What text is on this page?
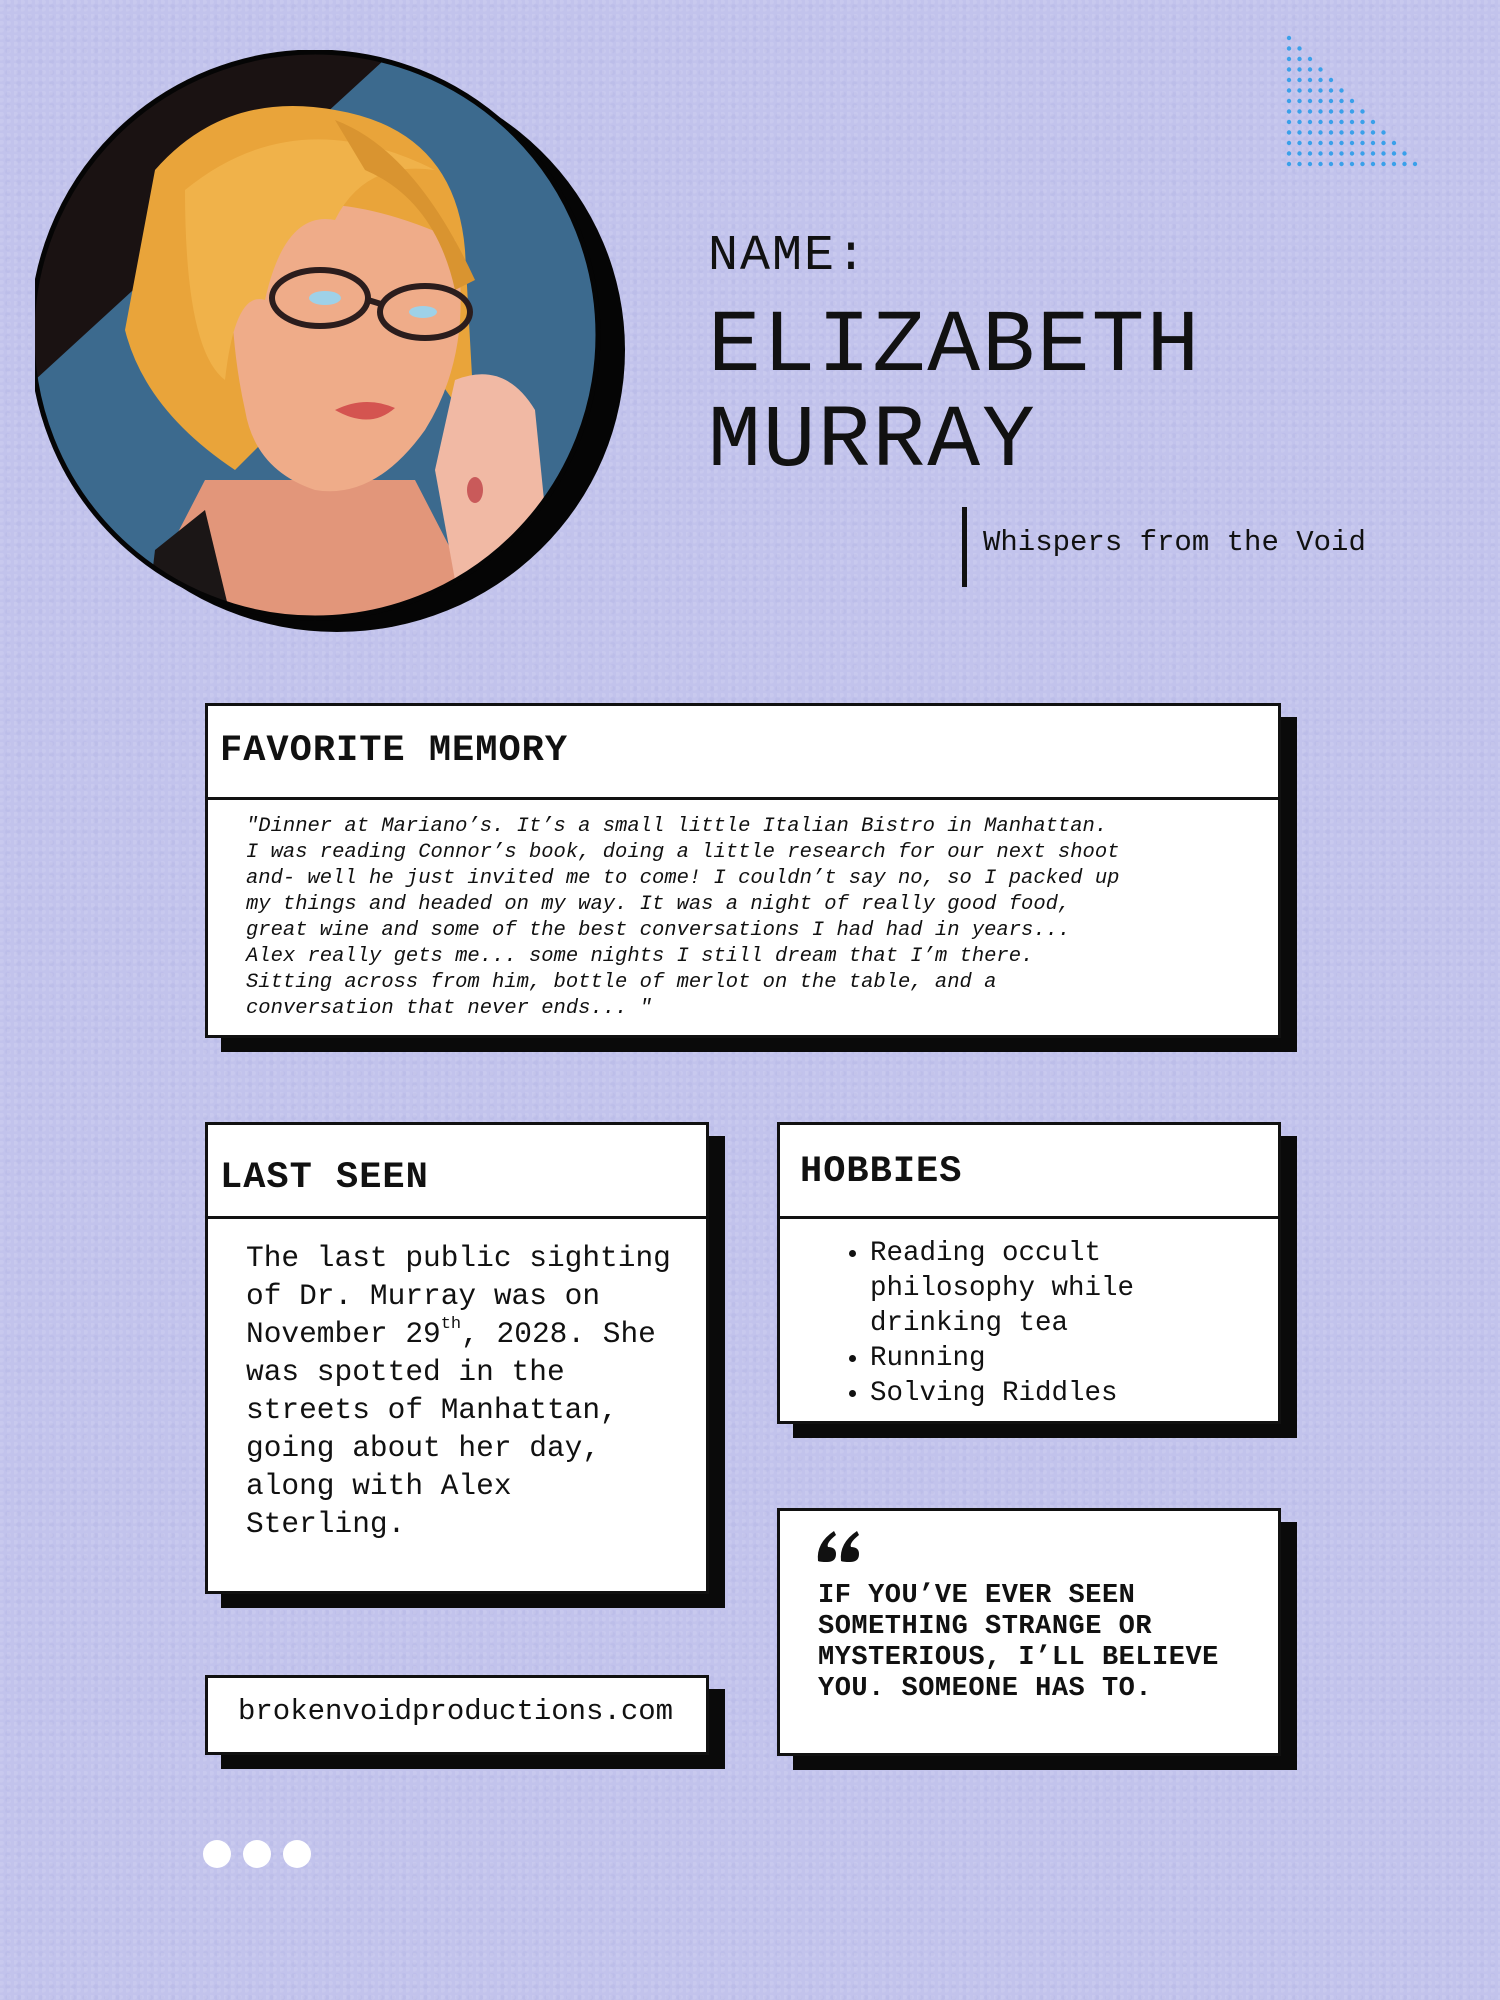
NAME:
ELIZABETH
MURRAY
Whispers from the Void
FAVORITE MEMORY
"Dinner at Mariano’s. It’s a small little Italian Bistro in Manhattan.
I was reading Connor’s book, doing a little research for our next shoot
and- well he just invited me to come! I couldn’t say no, so I packed up
my things and headed on my way. It was a night of really good food,
great wine and some of the best conversations I had had in years...
Alex really gets me... some nights I still dream that I’m there.
Sitting across from him, bottle of merlot on the table, and a
conversation that never ends... "
LAST SEEN
The last public sighting of Dr. Murray was on November 29th, 2028. She was spotted in the streets of Manhattan, going about her day, along with Alex Sterling.
HOBBIES
• Reading occult philosophy while drinking tea
• Running
• Solving Riddles
IF YOU’VE EVER SEEN SOMETHING STRANGE OR MYSTERIOUS, I’LL BELIEVE YOU. SOMEONE HAS TO.
brokenvoidproductions.com
